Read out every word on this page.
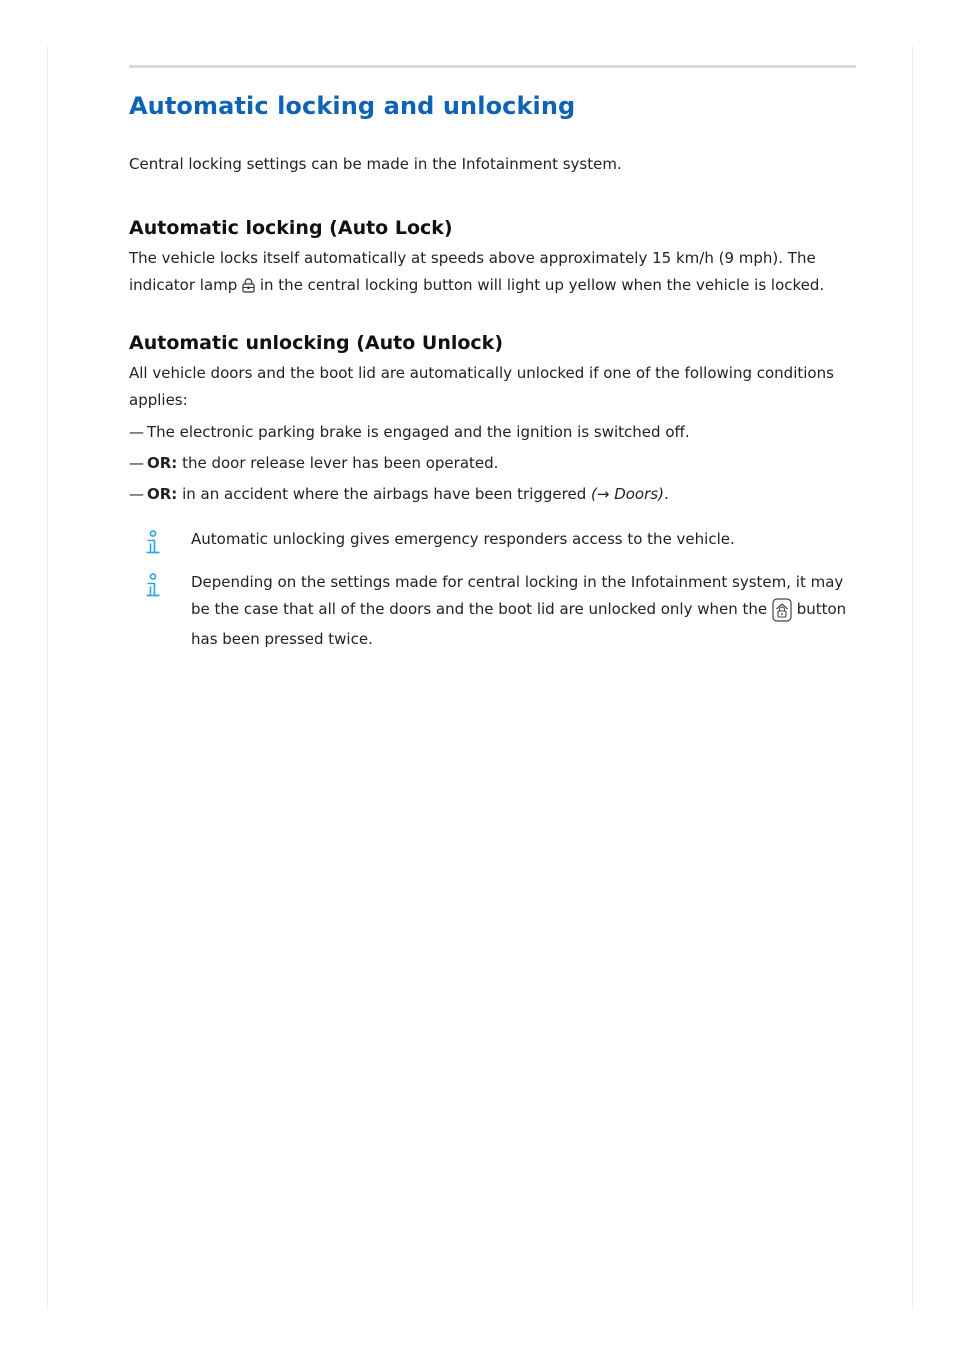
Automatic locking and unlocking

Central locking settings can be made in the Infotainment system.

Automatic locking (Auto Lock)

The vehicle locks itself automatically at speeds above approximately 15 km/h (9 mph). The indicator lamp in the central locking button will light up yellow when the vehicle is locked.

Automatic unlocking (Auto Unlock)

All vehicle doors and the boot lid are automatically unlocked if one of the following conditions applies:

— The electronic parking brake is engaged and the ignition is switched off.
— OR: the door release lever has been operated.
— OR: in an accident where the airbags have been triggered (→ Doors).

Automatic unlocking gives emergency responders access to the vehicle.

Depending on the settings made for central locking in the Infotainment system, it may be the case that all of the doors and the boot lid are unlocked only when the button has been pressed twice.
